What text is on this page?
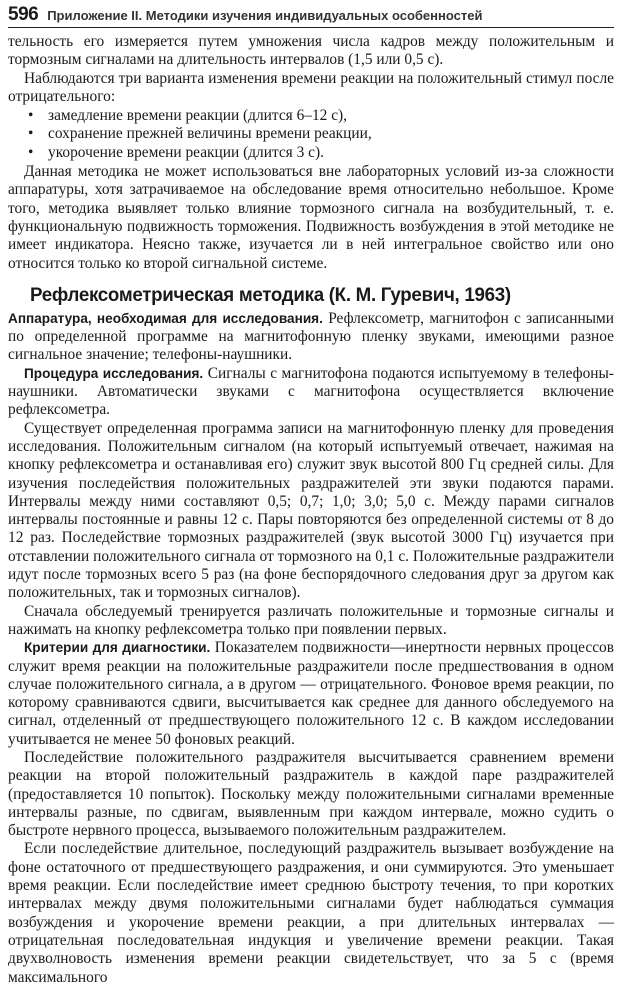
596 Приложение II. Методики изучения индивидуальных особенностей

тельность его измеряется путем умножения числа кадров между положительным и тормозным сигналами на длительность интервалов (1,5 или 0,5 с).

Наблюдаются три варианта изменения времени реакции на положительный стимул после отрицательного:

• замедление времени реакции (длится 6–12 с),
• сохранение прежней величины времени реакции,
• укорочение времени реакции (длится 3 с).

Данная методика не может использоваться вне лабораторных условий из-за сложности аппаратуры, хотя затрачиваемое на обследование время относительно небольшое. Кроме того, методика выявляет только влияние тормозного сигнала на возбудительный, т. е. функциональную подвижность торможения. Подвижность возбуждения в этой методике не имеет индикатора. Неясно также, изучается ли в ней интегральное свойство или оно относится только ко второй сигнальной системе.

Рефлексометрическая методика (К. М. Гуревич, 1963)

Аппаратура, необходимая для исследования. Рефлексометр, магнитофон с записанными по определенной программе на магнитофонную пленку звуками, имеющими разное сигнальное значение; телефоны-наушники.

Процедура исследования. Сигналы с магнитофона подаются испытуемому в телефоны-наушники. Автоматически звуками с магнитофона осуществляется включение рефлексометра.

Существует определенная программа записи на магнитофонную пленку для проведения исследования. Положительным сигналом (на который испытуемый отвечает, нажимая на кнопку рефлексометра и останавливая его) служит звук высотой 800 Гц средней силы. Для изучения последействия положительных раздражителей эти звуки подаются парами. Интервалы между ними составляют 0,5; 0,7; 1,0; 3,0; 5,0 с. Между парами сигналов интервалы постоянные и равны 12 с. Пары повторяются без определенной системы от 8 до 12 раз. Последействие тормозных раздражителей (звук высотой 3000 Гц) изучается при отставлении положительного сигнала от тормозного на 0,1 с. Положительные раздражители идут после тормозных всего 5 раз (на фоне беспорядочного следования друг за другом как положительных, так и тормозных сигналов).

Сначала обследуемый тренируется различать положительные и тормозные сигналы и нажимать на кнопку рефлексометра только при появлении первых.

Критерии для диагностики. Показателем подвижности—инертности нервных процессов служит время реакции на положительные раздражители после предшествования в одном случае положительного сигнала, а в другом — отрицательного. Фоновое время реакции, по которому сравниваются сдвиги, высчитывается как среднее для данного обследуемого на сигнал, отделенный от предшествующего положительного 12 с. В каждом исследовании учитывается не менее 50 фоновых реакций.

Последействие положительного раздражителя высчитывается сравнением времени реакции на второй положительный раздражитель в каждой паре раздражителей (предоставляется 10 попыток). Поскольку между положительными сигналами временные интервалы разные, по сдвигам, выявленным при каждом интервале, можно судить о быстроте нервного процесса, вызываемого положительным раздражителем.

Если последействие длительное, последующий раздражитель вызывает возбуждение на фоне остаточного от предшествующего раздражения, и они суммируются. Это уменьшает время реакции. Если последействие имеет среднюю быстроту течения, то при коротких интервалах между двумя положительными сигналами будет наблюдаться суммация возбуждения и укорочение времени реакции, а при длительных интервалах — отрицательная последовательная индукция и увеличение времени реакции. Такая двухволновость изменения времени реакции свидетельствует, что за 5 с (время максимального
